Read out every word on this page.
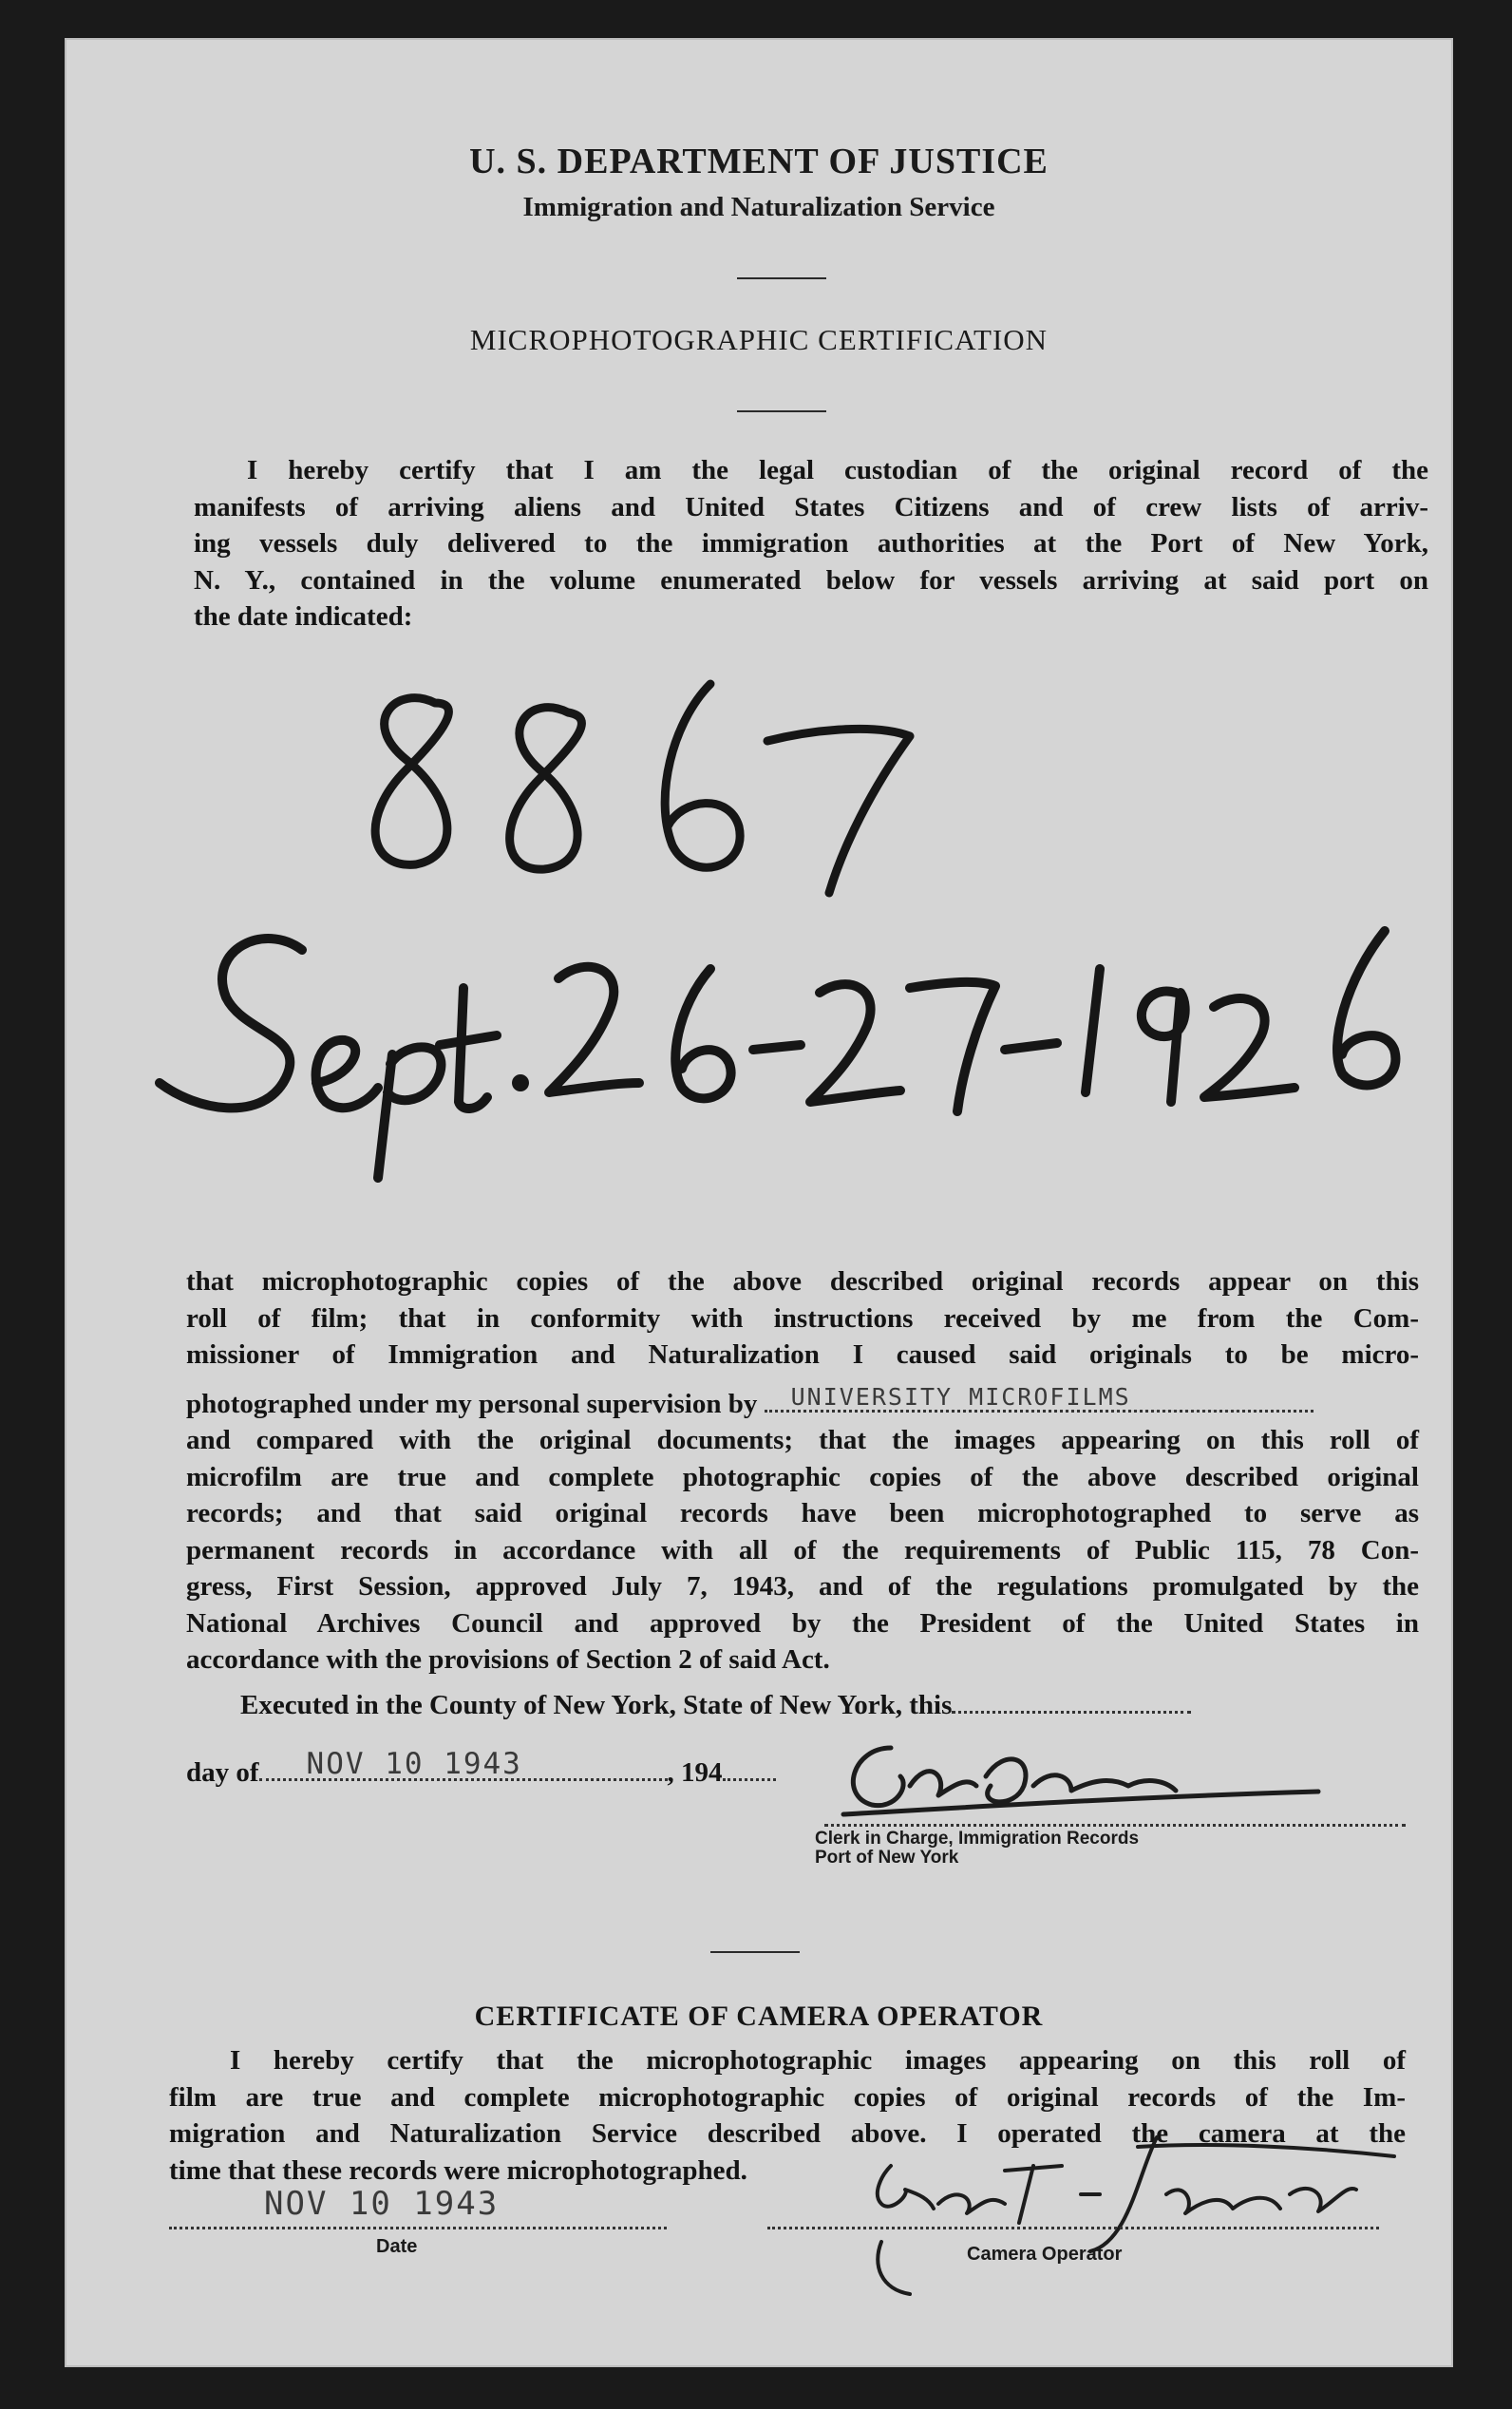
U. S. DEPARTMENT OF JUSTICE
Immigration and Naturalization Service
MICROPHOTOGRAPHIC CERTIFICATION
I hereby certify that I am the legal custodian of the original record of the
manifests of arriving aliens and United States Citizens and of crew lists of arriv-
ing vessels duly delivered to the immigration authorities at the Port of New York,
N. Y., contained in the volume enumerated below for vessels arriving at said port on
the date indicated:
that microphotographic copies of the above described original records appear on this
roll of film; that in conformity with instructions received by me from the Com-
missioner of Immigration and Naturalization I caused said originals to be micro-
photographed under my personal supervision by UNIVERSITY MICROFILMS
and compared with the original documents; that the images appearing on this roll of
microfilm are true and complete photographic copies of the above described original
records; and that said original records have been microphotographed to serve as
permanent records in accordance with all of the requirements of Public 115, 78 Con-
gress, First Session, approved July 7, 1943, and of the regulations promulgated by the
National Archives Council and approved by the President of the United States in
accordance with the provisions of Section 2 of said Act.
Executed in the County of New York, State of New York, this
day of NOV 10 1943	, 194
Clerk in Charge, Immigration Records
Port of New York
CERTIFICATE OF CAMERA OPERATOR
I hereby certify that the microphotographic images appearing on this roll of
film are true and complete microphotographic copies of original records of the Im-
migration and Naturalization Service described above. I operated the camera at the
time that these records were microphotographed.
NOV 10 1943
Date	Camera Operator
